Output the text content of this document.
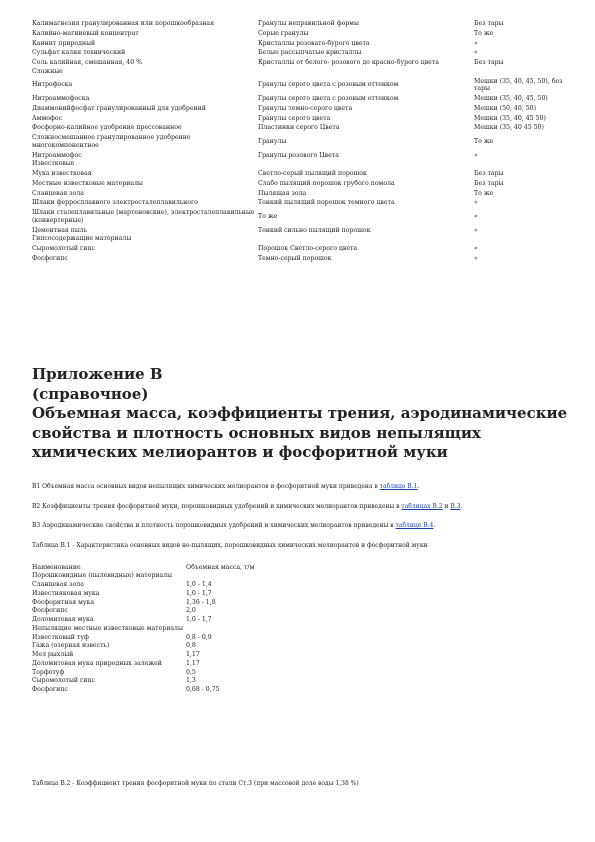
Калимагнезия гранулированная или порошкообразная	Гранулы неправильной формы	Без тары
Калийно-магниевый концентрат	Серые гранулы	То же
Каинит природный	Кристаллы розовато-бурого цвета	«
Сульфат калия технический	Белые рассыпчатые кристаллы	«
Соль калийная, смешанная, 40 %	Кристаллы от белого- розового до красно-бурого цвета	Без тары
Сложные		
Нитрофоска	Гранулы серого цвета с розовым оттенком	Мешки (35, 40, 45, 50), без тары
Нитроаммофоска	Гранулы серого цвета с розовым оттенком	Мешки (35, 40, 45, 50)
Диаммонийфосфат гранулированный для удобрений	Гранулы темно-серого цвета	Мешки (50, 40, 50)
Аммофос	Гранулы серого цвета	Мешки (35, 40, 45 50)
Фосфорно-калийное удобрение прессованное	Пластинки серого Цвета	Мешки (35, 40 45 50)
Сложносмешанное гранулированное удобрение многокомпонентное	Гранулы	То же
Нитроаммофос	Гранулы розового Цвета	«
Известковые		
Мука известковая	Светло-серый пылящий порошок	Без тары
Местные известковые материалы	Слабо пылящий порошок грубого помола	Без тары
Сланцевая зола	Пылящая зола	То же
Шлаки ферросплавного электросталеплавильного	Тонкий пылящий порошок темного цвета	«
Шлаки сталеплавильные (мартеновские), электросталеплавильные (конвертерные)	То же	«
Цементная пыль	Тонкий сильно пылящий порошок	«
Гипсосодержащие материалы		
Сыромолотый гипс	Порошок Светло-серого цвета	«
Фосфогипс	Темно-серый порошок	«
Приложение В
(справочное)
Объемная масса, коэффициенты трения, аэродинамические
свойства и плотность основных видов непылящих
химических мелиорантов и фосфоритной муки

В1 Объемная масса основных видов непылящих химических мелиорантов и фосфоритной муки приведена в таблице В.1.

В2 Коэффициенты трения фосфоритной муки, порошковидных удобрений и химических мелиорантов приведены в таблицах В.2 и В.3.

В3 Аэродинамические свойства и плотность порошковидных удобрений и химических мелиорантов приведены в таблице В.4.

Таблица В.1 - Характеристика основных видов не-пылящих, порошковидных химических мелиорантов и фосфоритной муки

Наименование	Объемная масса, т/м
Порошковидные (пылевидные) материалы	
Сланцевая зола	1,0 - 1,4
Известняковая мука	1,0 - 1,7
Фосфоритная мука	1,36 - 1,8
Фосфогипс	2,0
Доломитовая мука	1,0 - 1,7
Непылящие местные известковые материалы	
Известковый туф	0,8 - 0,9
Гажа (озерная известь)	0,8
Мел рыхлый	1,17
Доломитовая мука природных залежей	1,17
Торфотуф	0,5
Сыромолотый гипс	1,3
Фосфогипс	0,68 - 0,75

Таблица В.2 - Коэффициент трения фосфоритной муки по стали Ст.3 (при массовой доле воды 1,38 %)
